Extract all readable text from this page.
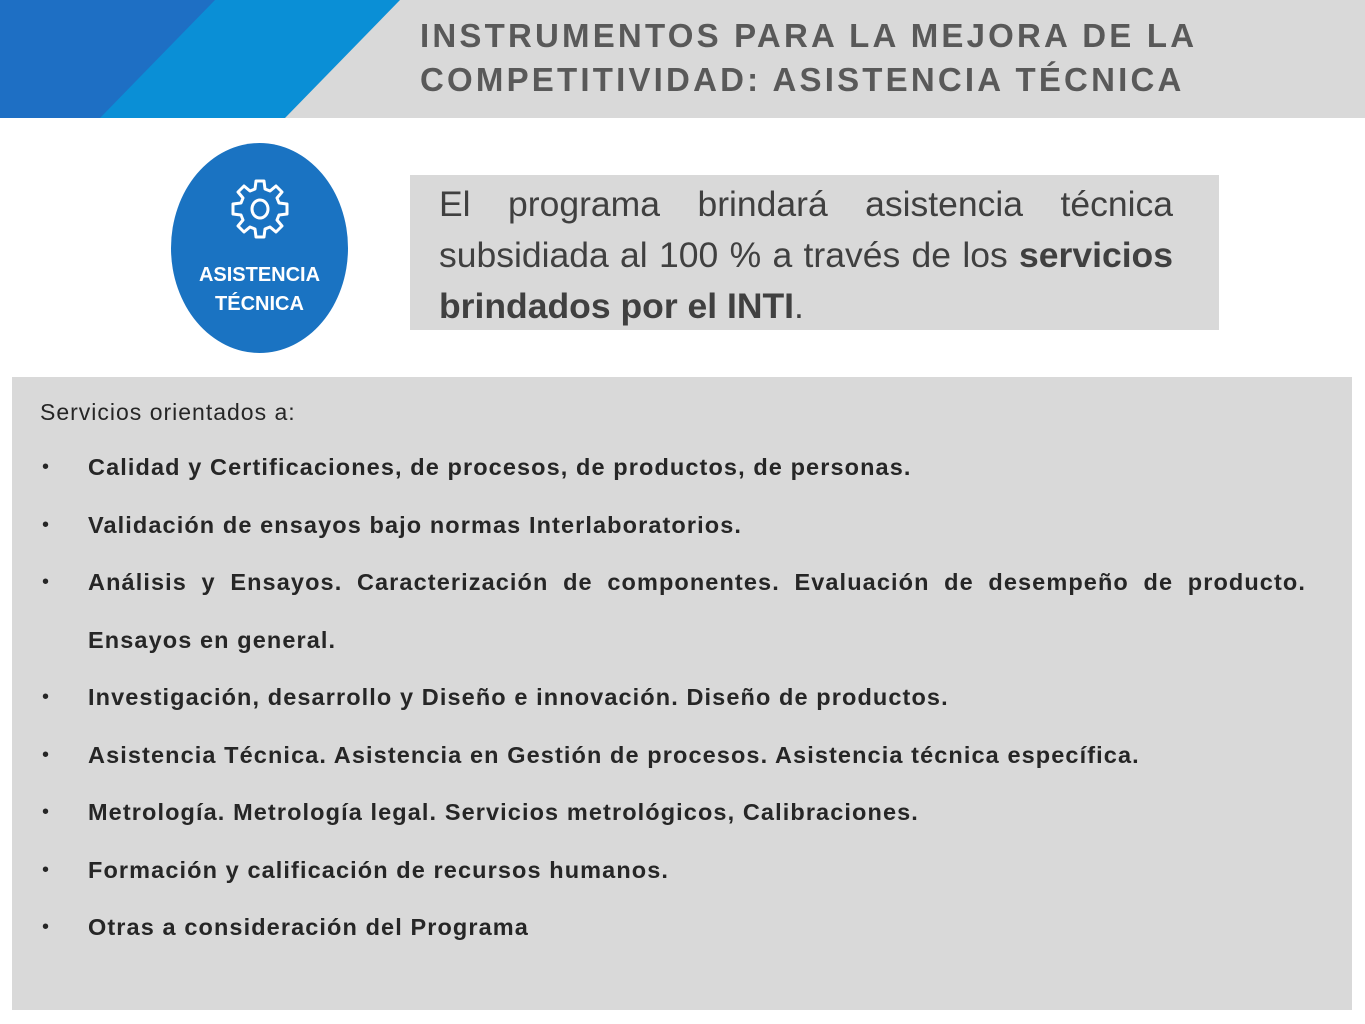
INSTRUMENTOS PARA LA MEJORA DE LA COMPETITIVIDAD: ASISTENCIA TÉCNICA
ASISTENCIA
TÉCNICA

El programa brindará asistencia técnica subsidiada al 100 % a través de los servicios brindados por el INTI.

Servicios orientados a:
• Calidad y Certificaciones, de procesos, de productos, de personas.
• Validación de ensayos bajo normas Interlaboratorios.
• Análisis y Ensayos. Caracterización de componentes. Evaluación de desempeño de producto. Ensayos en general.
• Investigación, desarrollo y Diseño e innovación. Diseño de productos.
• Asistencia Técnica. Asistencia en Gestión de procesos. Asistencia técnica específica.
• Metrología. Metrología legal. Servicios metrológicos, Calibraciones.
• Formación y calificación de recursos humanos.
• Otras a consideración del Programa
